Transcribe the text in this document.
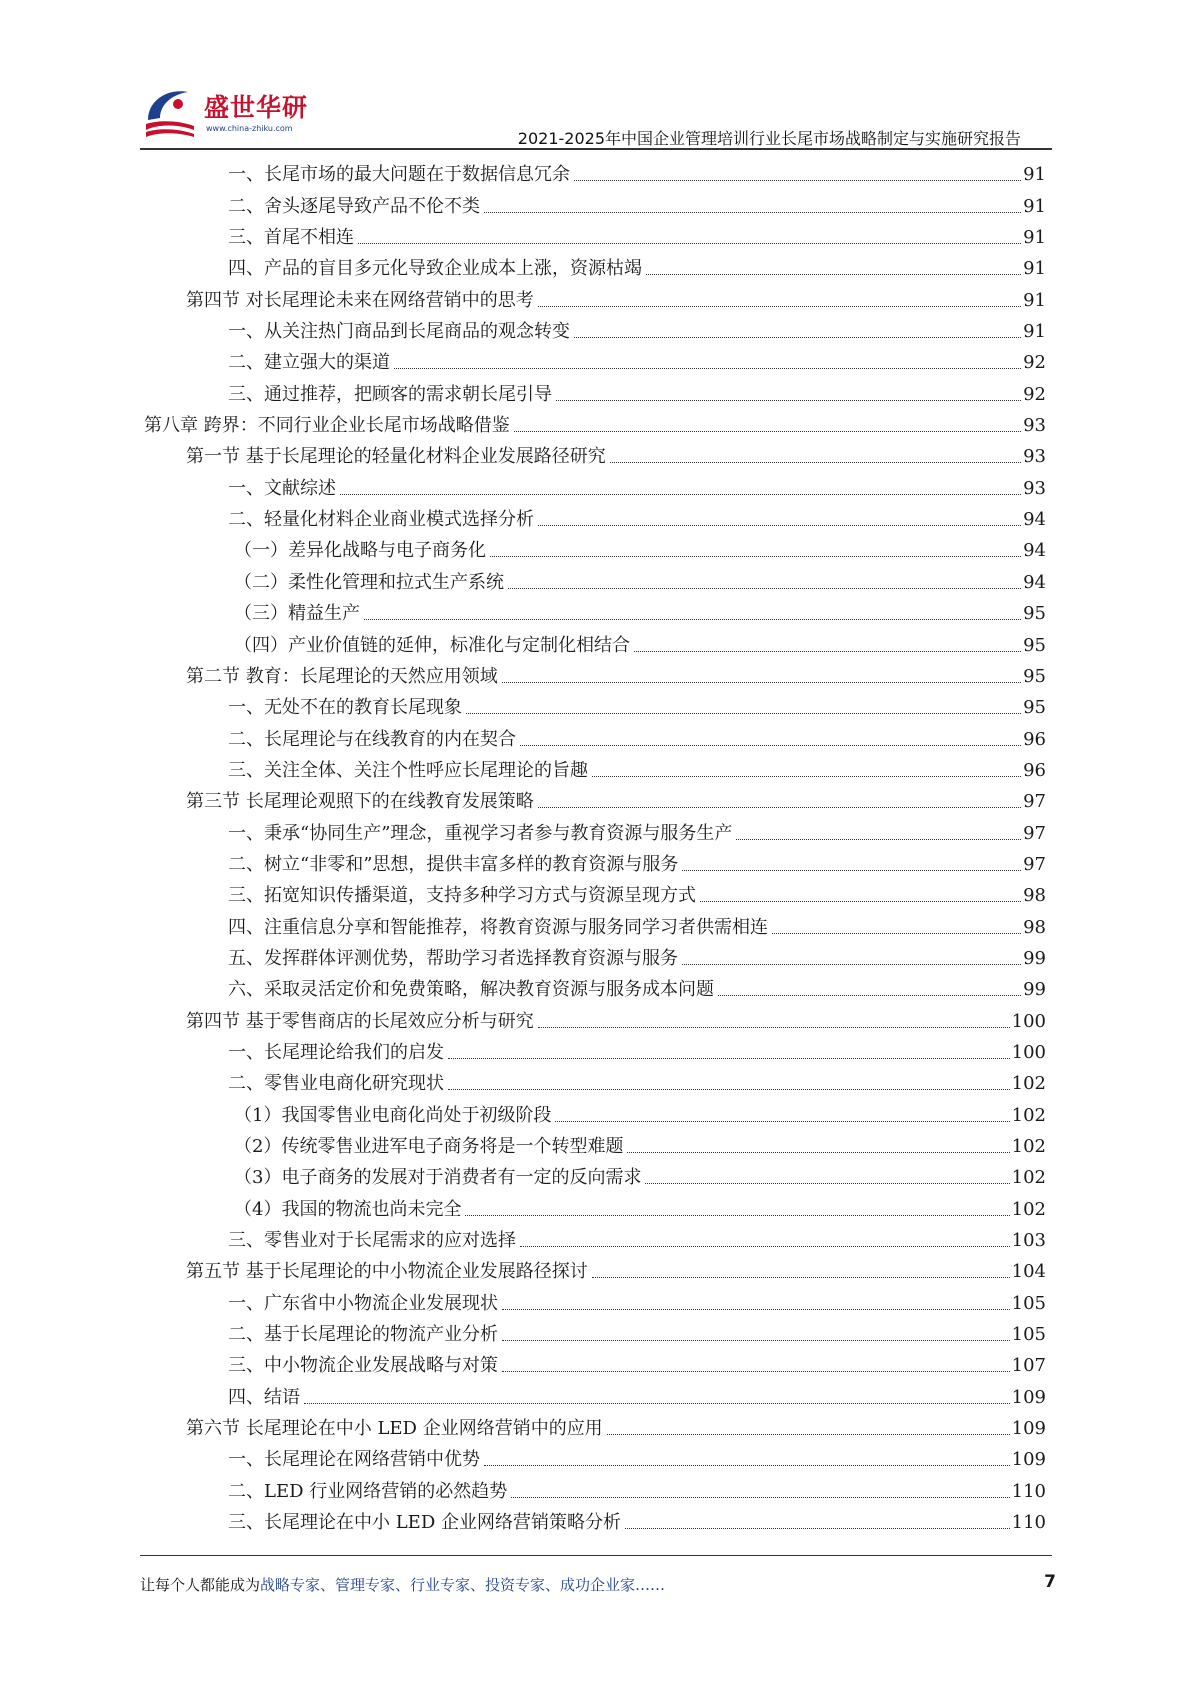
盛世华研
www.china-zhiku.com
2021-2025年中国企业管理培训行业长尾市场战略制定与实施研究报告
一、长尾市场的最大问题在于数据信息冗余	91
二、舍头逐尾导致产品不伦不类	91
三、首尾不相连	91
四、产品的盲目多元化导致企业成本上涨，资源枯竭	91
第四节 对长尾理论未来在网络营销中的思考	91
一、从关注热门商品到长尾商品的观念转变	91
二、建立强大的渠道	92
三、通过推荐，把顾客的需求朝长尾引导	92
第八章 跨界：不同行业企业长尾市场战略借鉴	93
第一节 基于长尾理论的轻量化材料企业发展路径研究	93
一、文献综述	93
二、轻量化材料企业商业模式选择分析	94
（一）差异化战略与电子商务化	94
（二）柔性化管理和拉式生产系统	94
（三）精益生产	95
（四）产业价值链的延伸，标准化与定制化相结合	95
第二节 教育：长尾理论的天然应用领域	95
一、无处不在的教育长尾现象	95
二、长尾理论与在线教育的内在契合	96
三、关注全体、关注个性呼应长尾理论的旨趣	96
第三节 长尾理论观照下的在线教育发展策略	97
一、秉承“协同生产”理念，重视学习者参与教育资源与服务生产	97
二、树立“非零和”思想，提供丰富多样的教育资源与服务	97
三、拓宽知识传播渠道，支持多种学习方式与资源呈现方式	98
四、注重信息分享和智能推荐，将教育资源与服务同学习者供需相连	98
五、发挥群体评测优势，帮助学习者选择教育资源与服务	99
六、采取灵活定价和免费策略，解决教育资源与服务成本问题	99
第四节 基于零售商店的长尾效应分析与研究	100
一、长尾理论给我们的启发	100
二、零售业电商化研究现状	102
（1）我国零售业电商化尚处于初级阶段	102
（2）传统零售业进军电子商务将是一个转型难题	102
（3）电子商务的发展对于消费者有一定的反向需求	102
（4）我国的物流也尚未完全	102
三、零售业对于长尾需求的应对选择	103
第五节 基于长尾理论的中小物流企业发展路径探讨	104
一、广东省中小物流企业发展现状	105
二、基于长尾理论的物流产业分析	105
三、中小物流企业发展战略与对策	107
四、结语	109
第六节 长尾理论在中小 LED 企业网络营销中的应用	109
一、长尾理论在网络营销中优势	109
二、LED 行业网络营销的必然趋势	110
三、长尾理论在中小 LED 企业网络营销策略分析	110
让每个人都能成为战略专家、管理专家、行业专家、投资专家、成功企业家……	7
